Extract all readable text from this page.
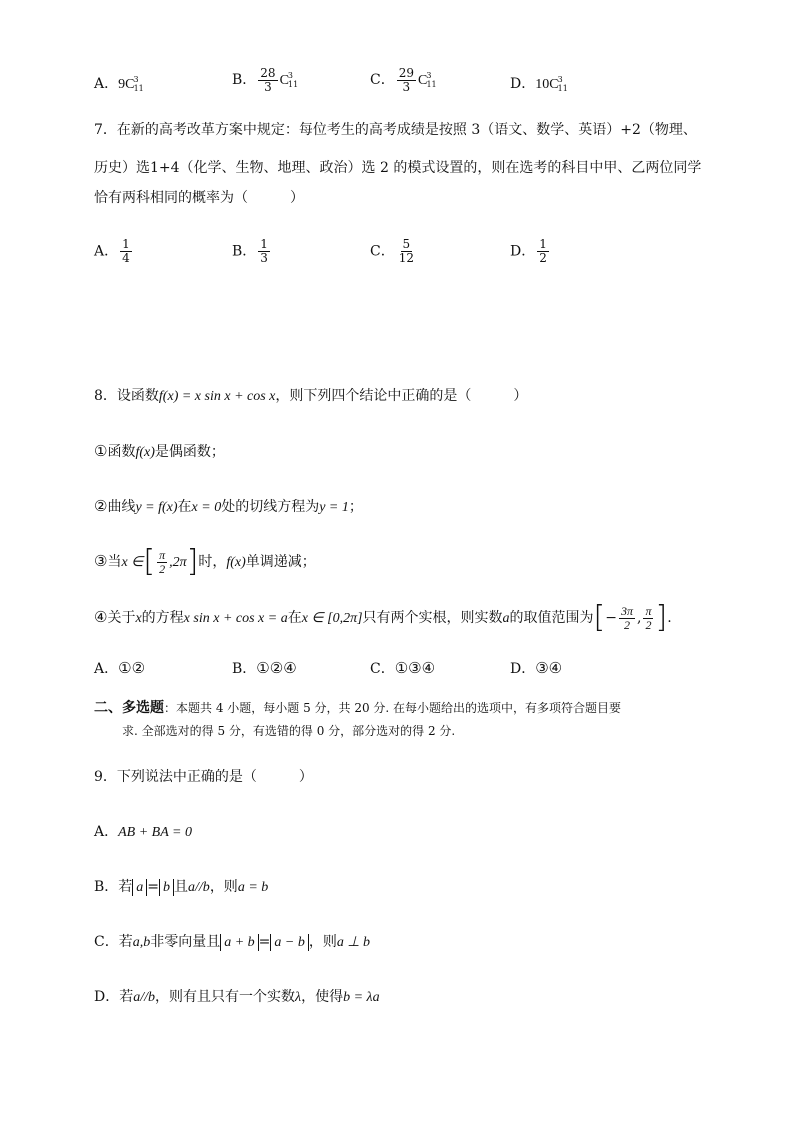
A．$9C^3_{11}$
B． $\frac{28}{3} C^3_{11}$	C． $\frac{29}{3} C^3_{11}$	D．$10C^3_{11}$
7．在新的高考改革方案中规定：每位考生的高考成绩是按照 3（语文、数学、英语）+2（物理、
历史）选1+4（化学、生物、地理、政治）选 2 的模式设置的，则在选考的科目中甲、乙两位同学
恰有两科相同的概率为（　　　）
A． $\frac{1}{4}$	B． $\frac{1}{3}$	C． $\frac{5}{12}$	D． $\frac{1}{2}$
8．设函数f(x) = x sin x + cos x，则下列四个结论中正确的是（　　　）
①函数f(x)是偶函数；
②曲线y = f(x)在x = 0处的切线方程为y = 1；
③当x ∈[ $\frac{\pi}{2} ,2\pi$]时，f(x)单调递减；
④关于x的方程x sin x + cos x = a在x ∈ [0,2π]只有两个实根，则实数a的取值范围为[− $\frac{3\pi}{2}$ , $\frac{\pi}{2}$ ].
A．①②	B．①②④	C．①③④	D．③④
二、多选题：本题共 4 小题，每小题 5 分，共 20 分. 在每小题给出的选项中，有多项符合题目要
求. 全部选对的得 5 分，有选错的得 0 分，部分选对的得 2 分.
9．下列说法中正确的是（　　　）
A．AB + BA = 0
B．若 a = b 且a//b，则a = b
C．若a,b非零向量且 a + b = a − b ，则a ⊥ b
D．若a//b，则有且只有一个实数λ，使得b = λa
